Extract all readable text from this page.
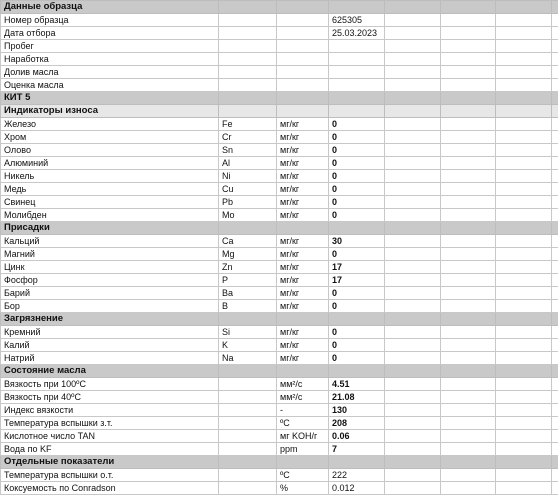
Данные образца							
Номер образца			625305				
Дата отбора			25.03.2023				
Пробег							
Наработка							
Долив масла							
Оценка масла							
КИТ 5							
Индикаторы износа							
Железо	Fe	мг/кг	0				
Хром	Cr	мг/кг	0				
Олово	Sn	мг/кг	0				
Алюминий	Al	мг/кг	0				
Никель	Ni	мг/кг	0				
Медь	Cu	мг/кг	0				
Свинец	Pb	мг/кг	0				
Молибден	Mo	мг/кг	0				
Присадки							
Кальций	Ca	мг/кг	30				
Магний	Mg	мг/кг	0				
Цинк	Zn	мг/кг	17				
Фосфор	P	мг/кг	17				
Барий	Ba	мг/кг	0				
Бор	B	мг/кг	0				
Загрязнение							
Кремний	Si	мг/кг	0				
Калий	K	мг/кг	0				
Натрий	Na	мг/кг	0				
Состояние масла							
Вязкость при 100ºC		мм²/с	4.51				
Вязкость при 40ºC		мм²/с	21.08				
Индекс вязкости		-	130				
Температура вспышки з.т.		ºC	208				
Кислотное число TAN		мг KOH/г	0.06				
Вода по KF		ppm	7				
Отдельные показатели							
Температура вспышки о.т.		ºC	222				
Коксуемость по Conradson		%	0.012				
